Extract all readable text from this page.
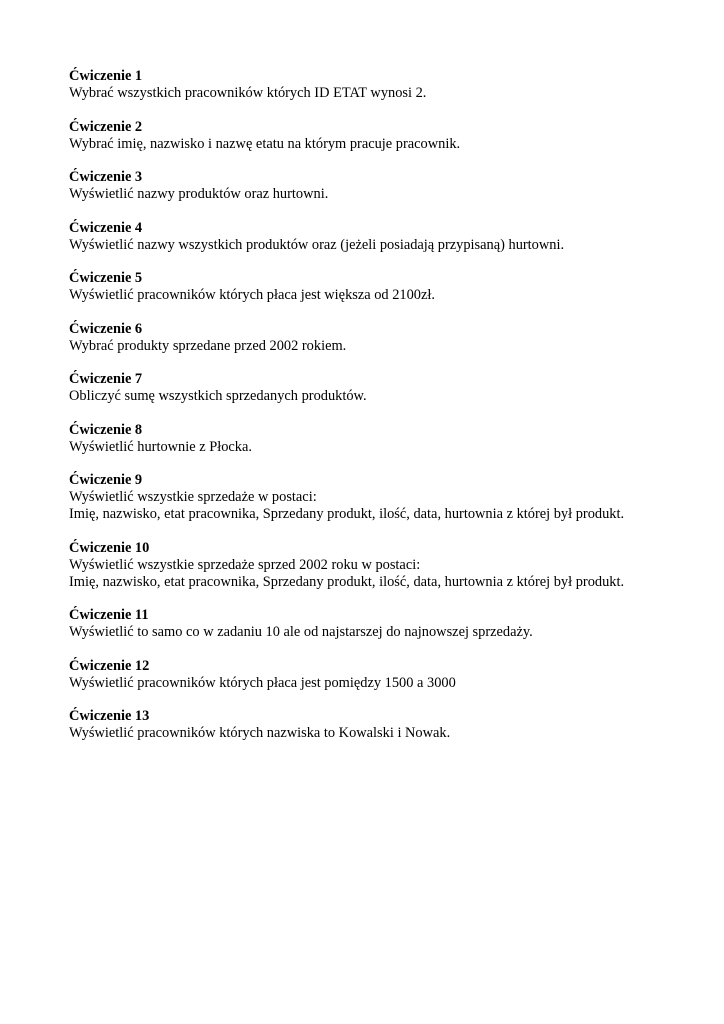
Ćwiczenie 1
Wybrać wszystkich pracowników których ID ETAT wynosi 2.
Ćwiczenie 2
Wybrać imię, nazwisko i nazwę etatu na którym pracuje pracownik.
Ćwiczenie 3
Wyświetlić nazwy produktów oraz hurtowni.
Ćwiczenie 4
Wyświetlić nazwy wszystkich produktów oraz (jeżeli posiadają przypisaną) hurtowni.
Ćwiczenie 5
Wyświetlić pracowników których płaca jest większa od 2100zł.
Ćwiczenie 6
Wybrać produkty sprzedane przed 2002 rokiem.
Ćwiczenie 7
Obliczyć sumę wszystkich sprzedanych produktów.
Ćwiczenie 8
Wyświetlić hurtownie z Płocka.
Ćwiczenie 9
Wyświetlić wszystkie sprzedaże w postaci:
Imię, nazwisko, etat pracownika, Sprzedany produkt, ilość, data, hurtownia z której był produkt.
Ćwiczenie 10
Wyświetlić wszystkie sprzedaże sprzed 2002 roku w postaci:
Imię, nazwisko, etat pracownika, Sprzedany produkt, ilość, data, hurtownia z której był produkt.
Ćwiczenie 11
Wyświetlić to samo co w zadaniu 10 ale od najstarszej do najnowszej sprzedaży.
Ćwiczenie 12
Wyświetlić pracowników których płaca jest pomiędzy 1500 a 3000
Ćwiczenie 13
Wyświetlić pracowników których nazwiska to Kowalski i Nowak.
